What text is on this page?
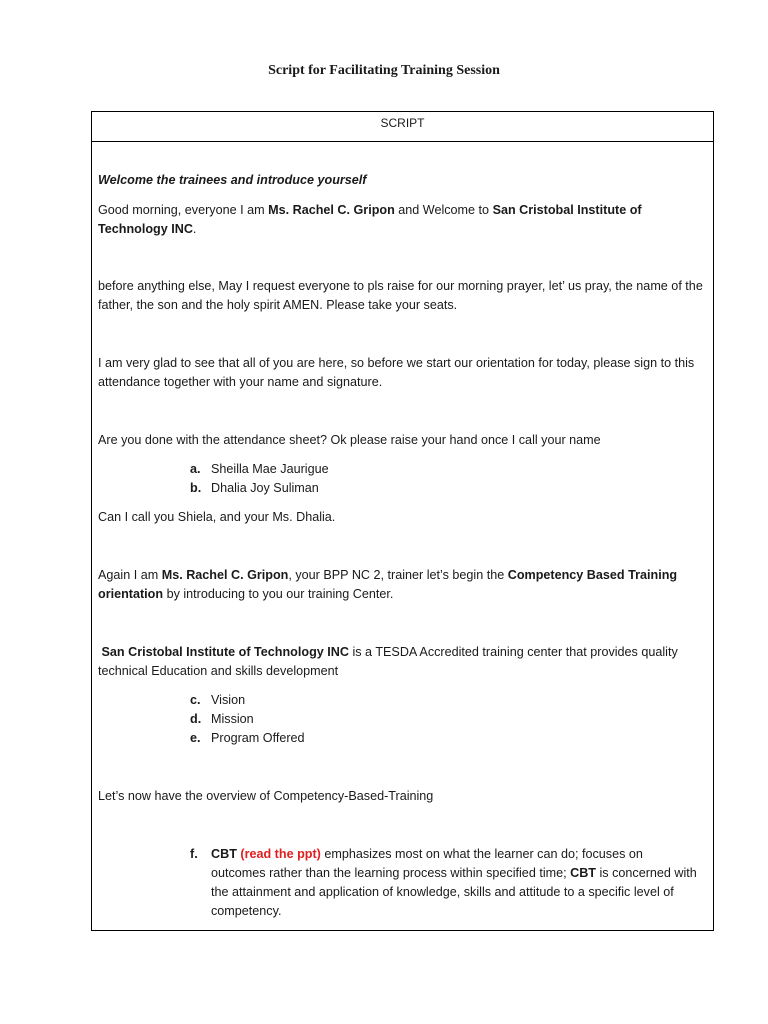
Script for Facilitating Training Session
SCRIPT
Welcome the trainees and introduce yourself
Good morning, everyone I am Ms. Rachel C. Gripon and Welcome to San Cristobal Institute of Technology INC.
before anything else, May I request everyone to pls raise for our morning prayer, let’ us pray, the name of the father, the son and the holy spirit AMEN. Please take your seats.
I am very glad to see that all of you are here, so before we start our orientation for today, please sign to this attendance together with your name and signature.
Are you done with the attendance sheet? Ok please raise your hand once I call your name
a. Sheilla Mae Jaurigue
b. Dhalia Joy Suliman
Can I call you Shiela, and your Ms. Dhalia.
Again I am Ms. Rachel C. Gripon, your BPP NC 2, trainer let’s begin the Competency Based Training orientation by introducing to you our training Center.
San Cristobal Institute of Technology INC is a TESDA Accredited training center that provides quality technical Education and skills development
c. Vision
d. Mission
e. Program Offered
Let’s now have the overview of Competency-Based-Training
f. CBT (read the ppt) emphasizes most on what the learner can do; focuses on outcomes rather than the learning process within specified time; CBT is concerned with the attainment and application of knowledge, skills and attitude to a specific level of competency.
